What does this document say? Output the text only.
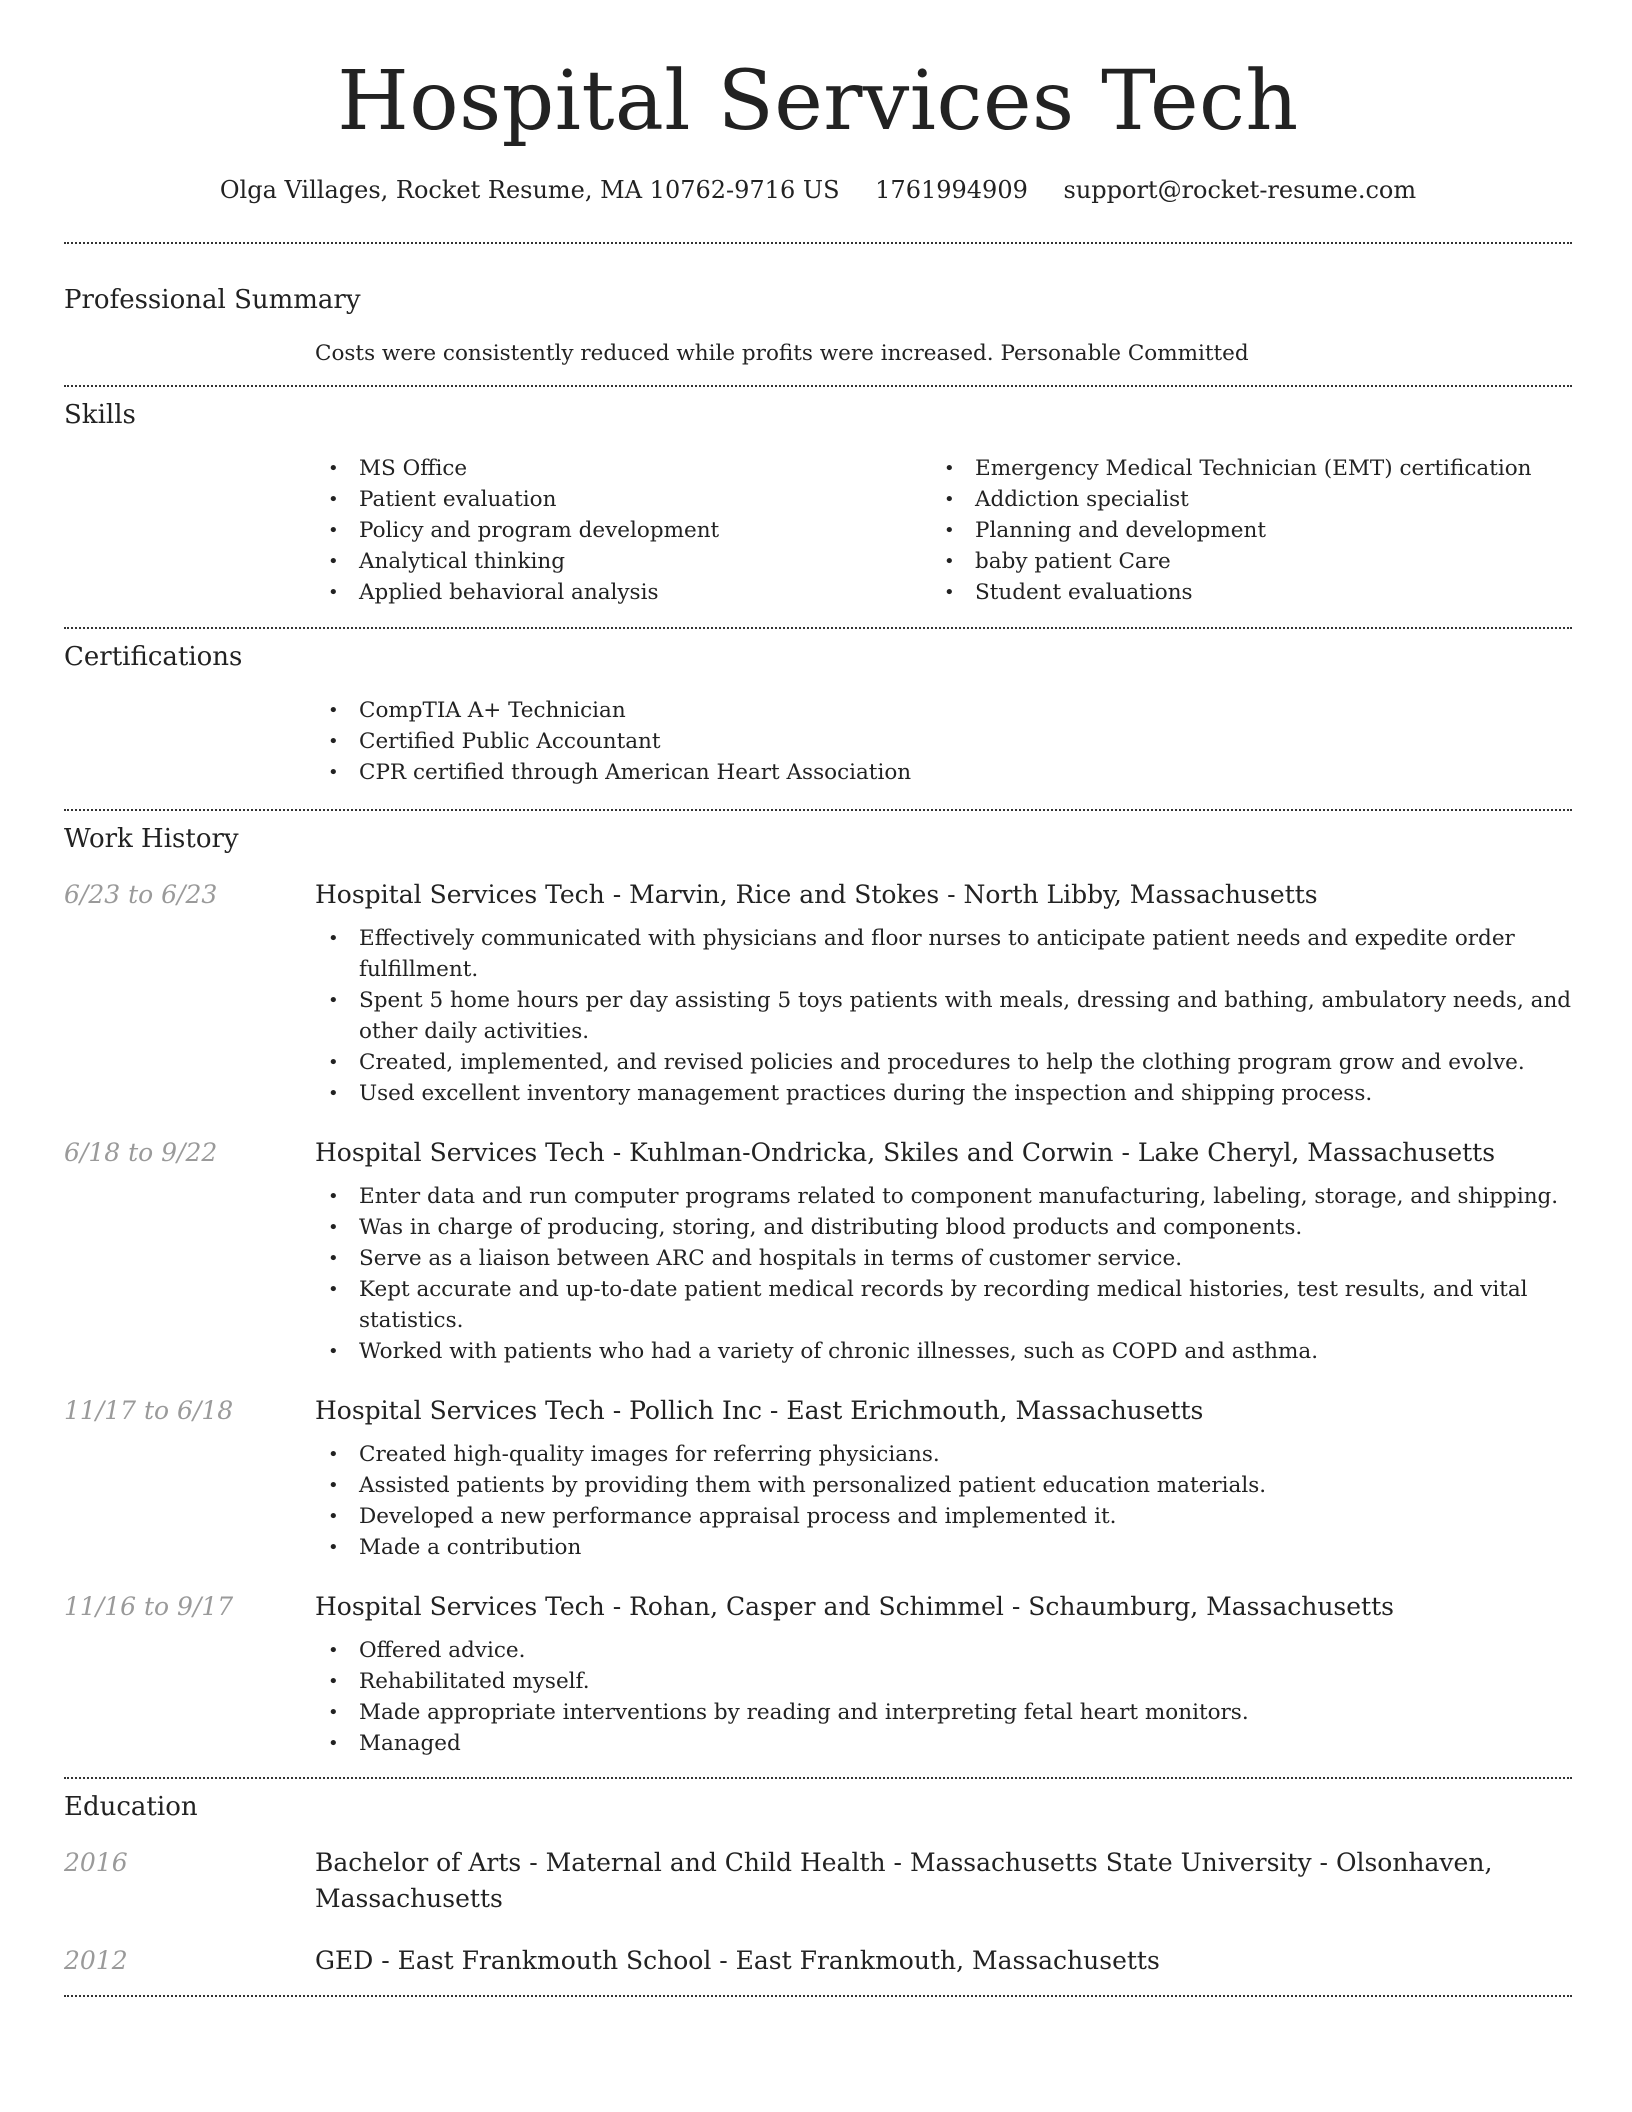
Hospital Services Tech
Olga Villages, Rocket Resume, MA 10762-9716 US 1761994909 support@rocket-resume.com
Professional Summary
Costs were consistently reduced while profits were increased. Personable Committed
Skills
• MS Office
• Patient evaluation
• Policy and program development
• Analytical thinking
• Applied behavioral analysis
• Emergency Medical Technician (EMT) certification
• Addiction specialist
• Planning and development
• baby patient Care
• Student evaluations
Certifications
• CompTIA A+ Technician
• Certified Public Accountant
• CPR certified through American Heart Association
Work History
6/23 to 6/23	Hospital Services Tech - Marvin, Rice and Stokes - North Libby, Massachusetts
• Effectively communicated with physicians and floor nurses to anticipate patient needs and expedite order fulfillment.
• Spent 5 home hours per day assisting 5 toys patients with meals, dressing and bathing, ambulatory needs, and other daily activities.
• Created, implemented, and revised policies and procedures to help the clothing program grow and evolve.
• Used excellent inventory management practices during the inspection and shipping process.
6/18 to 9/22	Hospital Services Tech - Kuhlman-Ondricka, Skiles and Corwin - Lake Cheryl, Massachusetts
• Enter data and run computer programs related to component manufacturing, labeling, storage, and shipping.
• Was in charge of producing, storing, and distributing blood products and components.
• Serve as a liaison between ARC and hospitals in terms of customer service.
• Kept accurate and up-to-date patient medical records by recording medical histories, test results, and vital statistics.
• Worked with patients who had a variety of chronic illnesses, such as COPD and asthma.
11/17 to 6/18	Hospital Services Tech - Pollich Inc - East Erichmouth, Massachusetts
• Created high-quality images for referring physicians.
• Assisted patients by providing them with personalized patient education materials.
• Developed a new performance appraisal process and implemented it.
• Made a contribution
11/16 to 9/17	Hospital Services Tech - Rohan, Casper and Schimmel - Schaumburg, Massachusetts
• Offered advice.
• Rehabilitated myself.
• Made appropriate interventions by reading and interpreting fetal heart monitors.
• Managed
Education
2016	Bachelor of Arts - Maternal and Child Health - Massachusetts State University - Olsonhaven, Massachusetts
2012	GED - East Frankmouth School - East Frankmouth, Massachusetts
